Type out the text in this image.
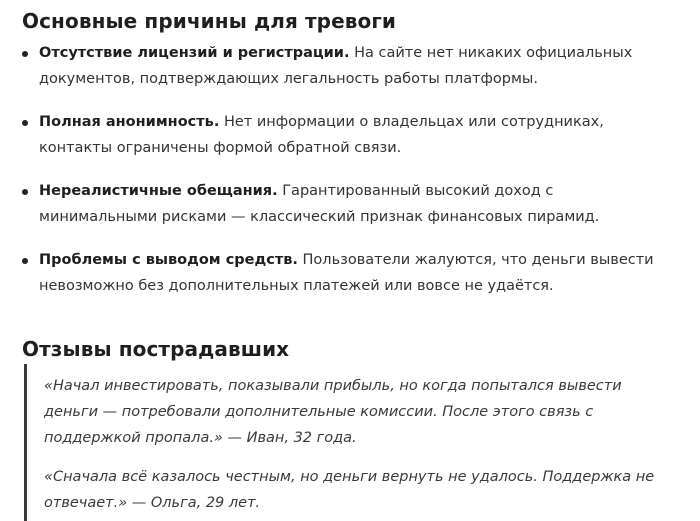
Основные причины для тревоги
Отсутствие лицензий и регистрации. На сайте нет никаких официальных
документов, подтверждающих легальность работы платформы.
Полная анонимность. Нет информации о владельцах или сотрудниках,
контакты ограничены формой обратной связи.
Нереалистичные обещания. Гарантированный высокий доход с
минимальными рисками — классический признак финансовых пирамид.
Проблемы с выводом средств. Пользователи жалуются, что деньги вывести
невозможно без дополнительных платежей или вовсе не удаётся.
Отзывы пострадавших

«Начал инвестировать, показывали прибыль, но когда попытался вывести
деньги — потребовали дополнительные комиссии. После этого связь с
поддержкой пропала.» — Иван, 32 года.

«Сначала всё казалось честным, но деньги вернуть не удалось. Поддержка не
отвечает.» — Ольга, 29 лет.
